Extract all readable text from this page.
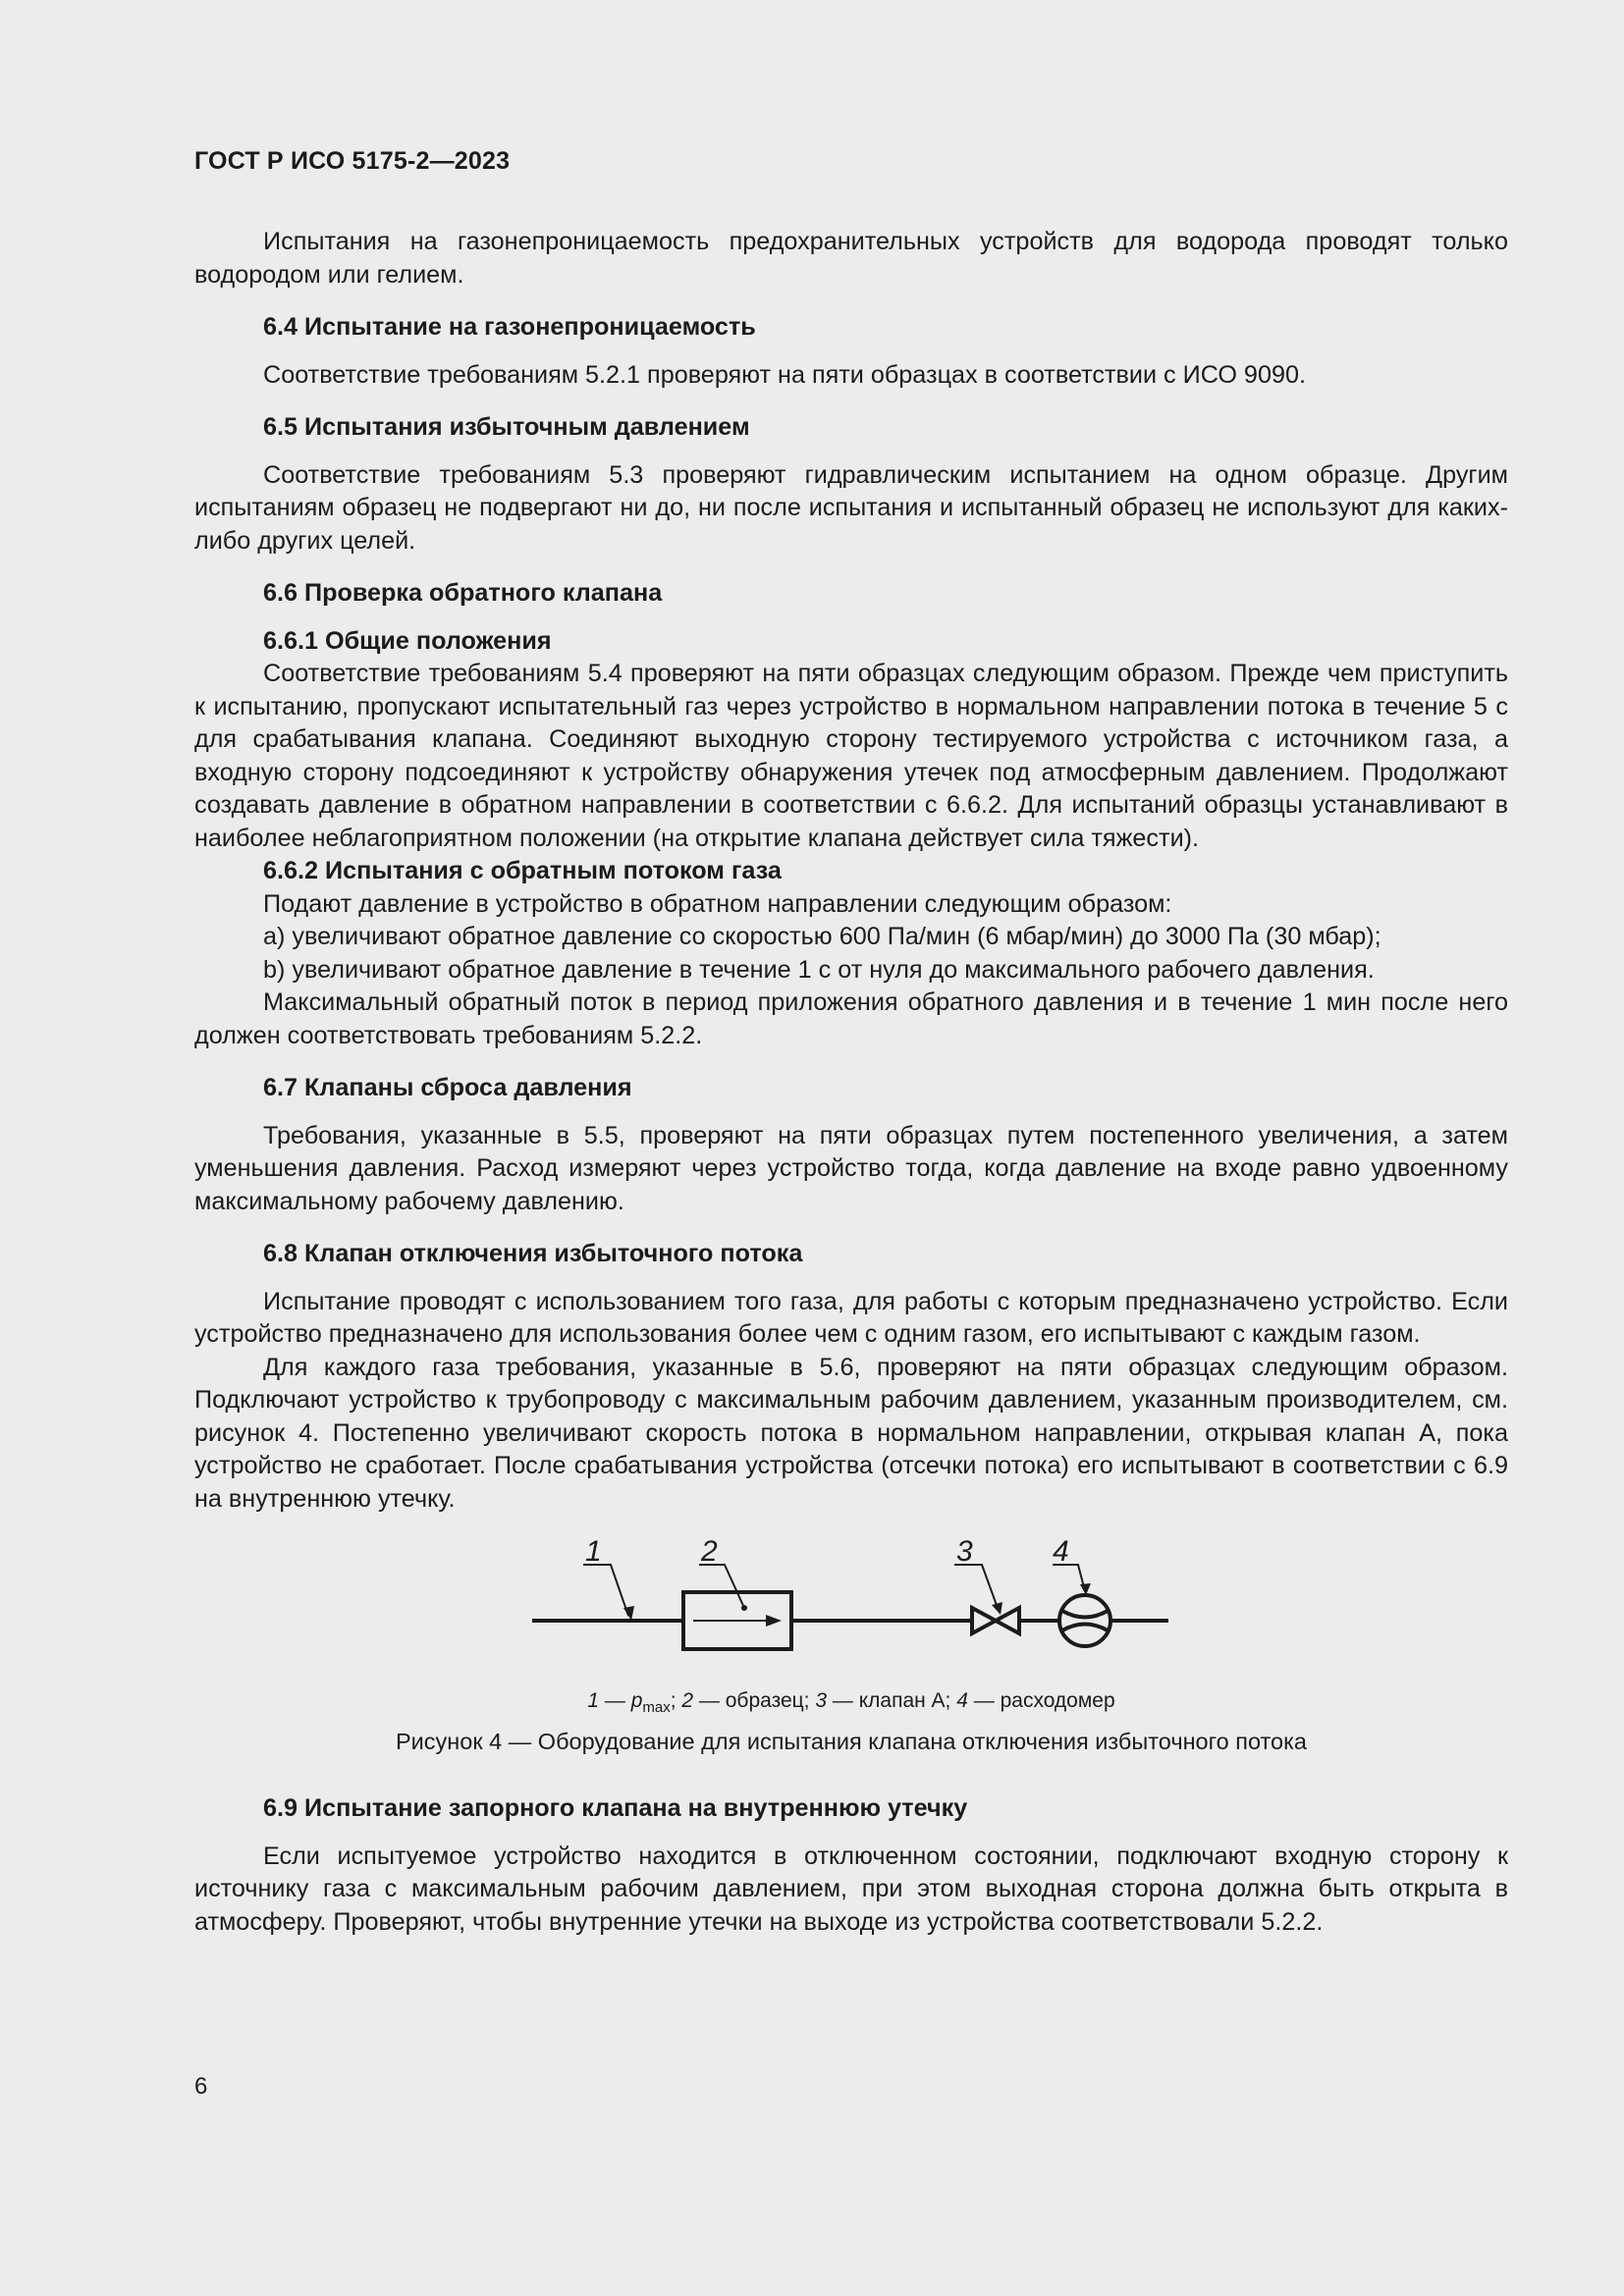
ГОСТ Р ИСО 5175-2—2023

Испытания на газонепроницаемость предохранительных устройств для водорода проводят только водородом или гелием.

6.4 Испытание на газонепроницаемость

Соответствие требованиям 5.2.1 проверяют на пяти образцах в соответствии с ИСО 9090.

6.5 Испытания избыточным давлением

Соответствие требованиям 5.3 проверяют гидравлическим испытанием на одном образце. Другим испытаниям образец не подвергают ни до, ни после испытания и испытанный образец не используют для каких-либо других целей.

6.6 Проверка обратного клапана

6.6.1 Общие положения

Соответствие требованиям 5.4 проверяют на пяти образцах следующим образом. Прежде чем приступить к испытанию, пропускают испытательный газ через устройство в нормальном направлении потока в течение 5 с для срабатывания клапана. Соединяют выходную сторону тестируемого устройства с источником газа, а входную сторону подсоединяют к устройству обнаружения утечек под атмосферным давлением. Продолжают создавать давление в обратном направлении в соответствии с 6.6.2. Для испытаний образцы устанавливают в наиболее неблагоприятном положении (на открытие клапана действует сила тяжести).

6.6.2 Испытания с обратным потоком газа

Подают давление в устройство в обратном направлении следующим образом:

a) увеличивают обратное давление со скоростью 600 Па/мин (6 мбар/мин) до 3000 Па (30 мбар);

b) увеличивают обратное давление в течение 1 с от нуля до максимального рабочего давления.

Максимальный обратный поток в период приложения обратного давления и в течение 1 мин после него должен соответствовать требованиям 5.2.2.

6.7 Клапаны сброса давления

Требования, указанные в 5.5, проверяют на пяти образцах путем постепенного увеличения, а затем уменьшения давления. Расход измеряют через устройство тогда, когда давление на входе равно удвоенному максимальному рабочему давлению.

6.8 Клапан отключения избыточного потока

Испытание проводят с использованием того газа, для работы с которым предназначено устройство. Если устройство предназначено для использования более чем с одним газом, его испытывают с каждым газом.

Для каждого газа требования, указанные в 5.6, проверяют на пяти образцах следующим образом. Подключают устройство к трубопроводу с максимальным рабочим давлением, указанным производителем, см. рисунок 4. Постепенно увеличивают скорость потока в нормальном направлении, открывая клапан А, пока устройство не сработает. После срабатывания устройства (отсечки потока) его испытывают в соответствии с 6.9 на внутреннюю утечку.

1	2	3	4
1 — $p_{max}$; 2 — образец; 3 — клапан А; 4 — расходомер
Рисунок 4 — Оборудование для испытания клапана отключения избыточного потока

6.9 Испытание запорного клапана на внутреннюю утечку

Если испытуемое устройство находится в отключенном состоянии, подключают входную сторону к источнику газа с максимальным рабочим давлением, при этом выходная сторона должна быть открыта в атмосферу. Проверяют, чтобы внутренние утечки на выходе из устройства соответствовали 5.2.2.

6
